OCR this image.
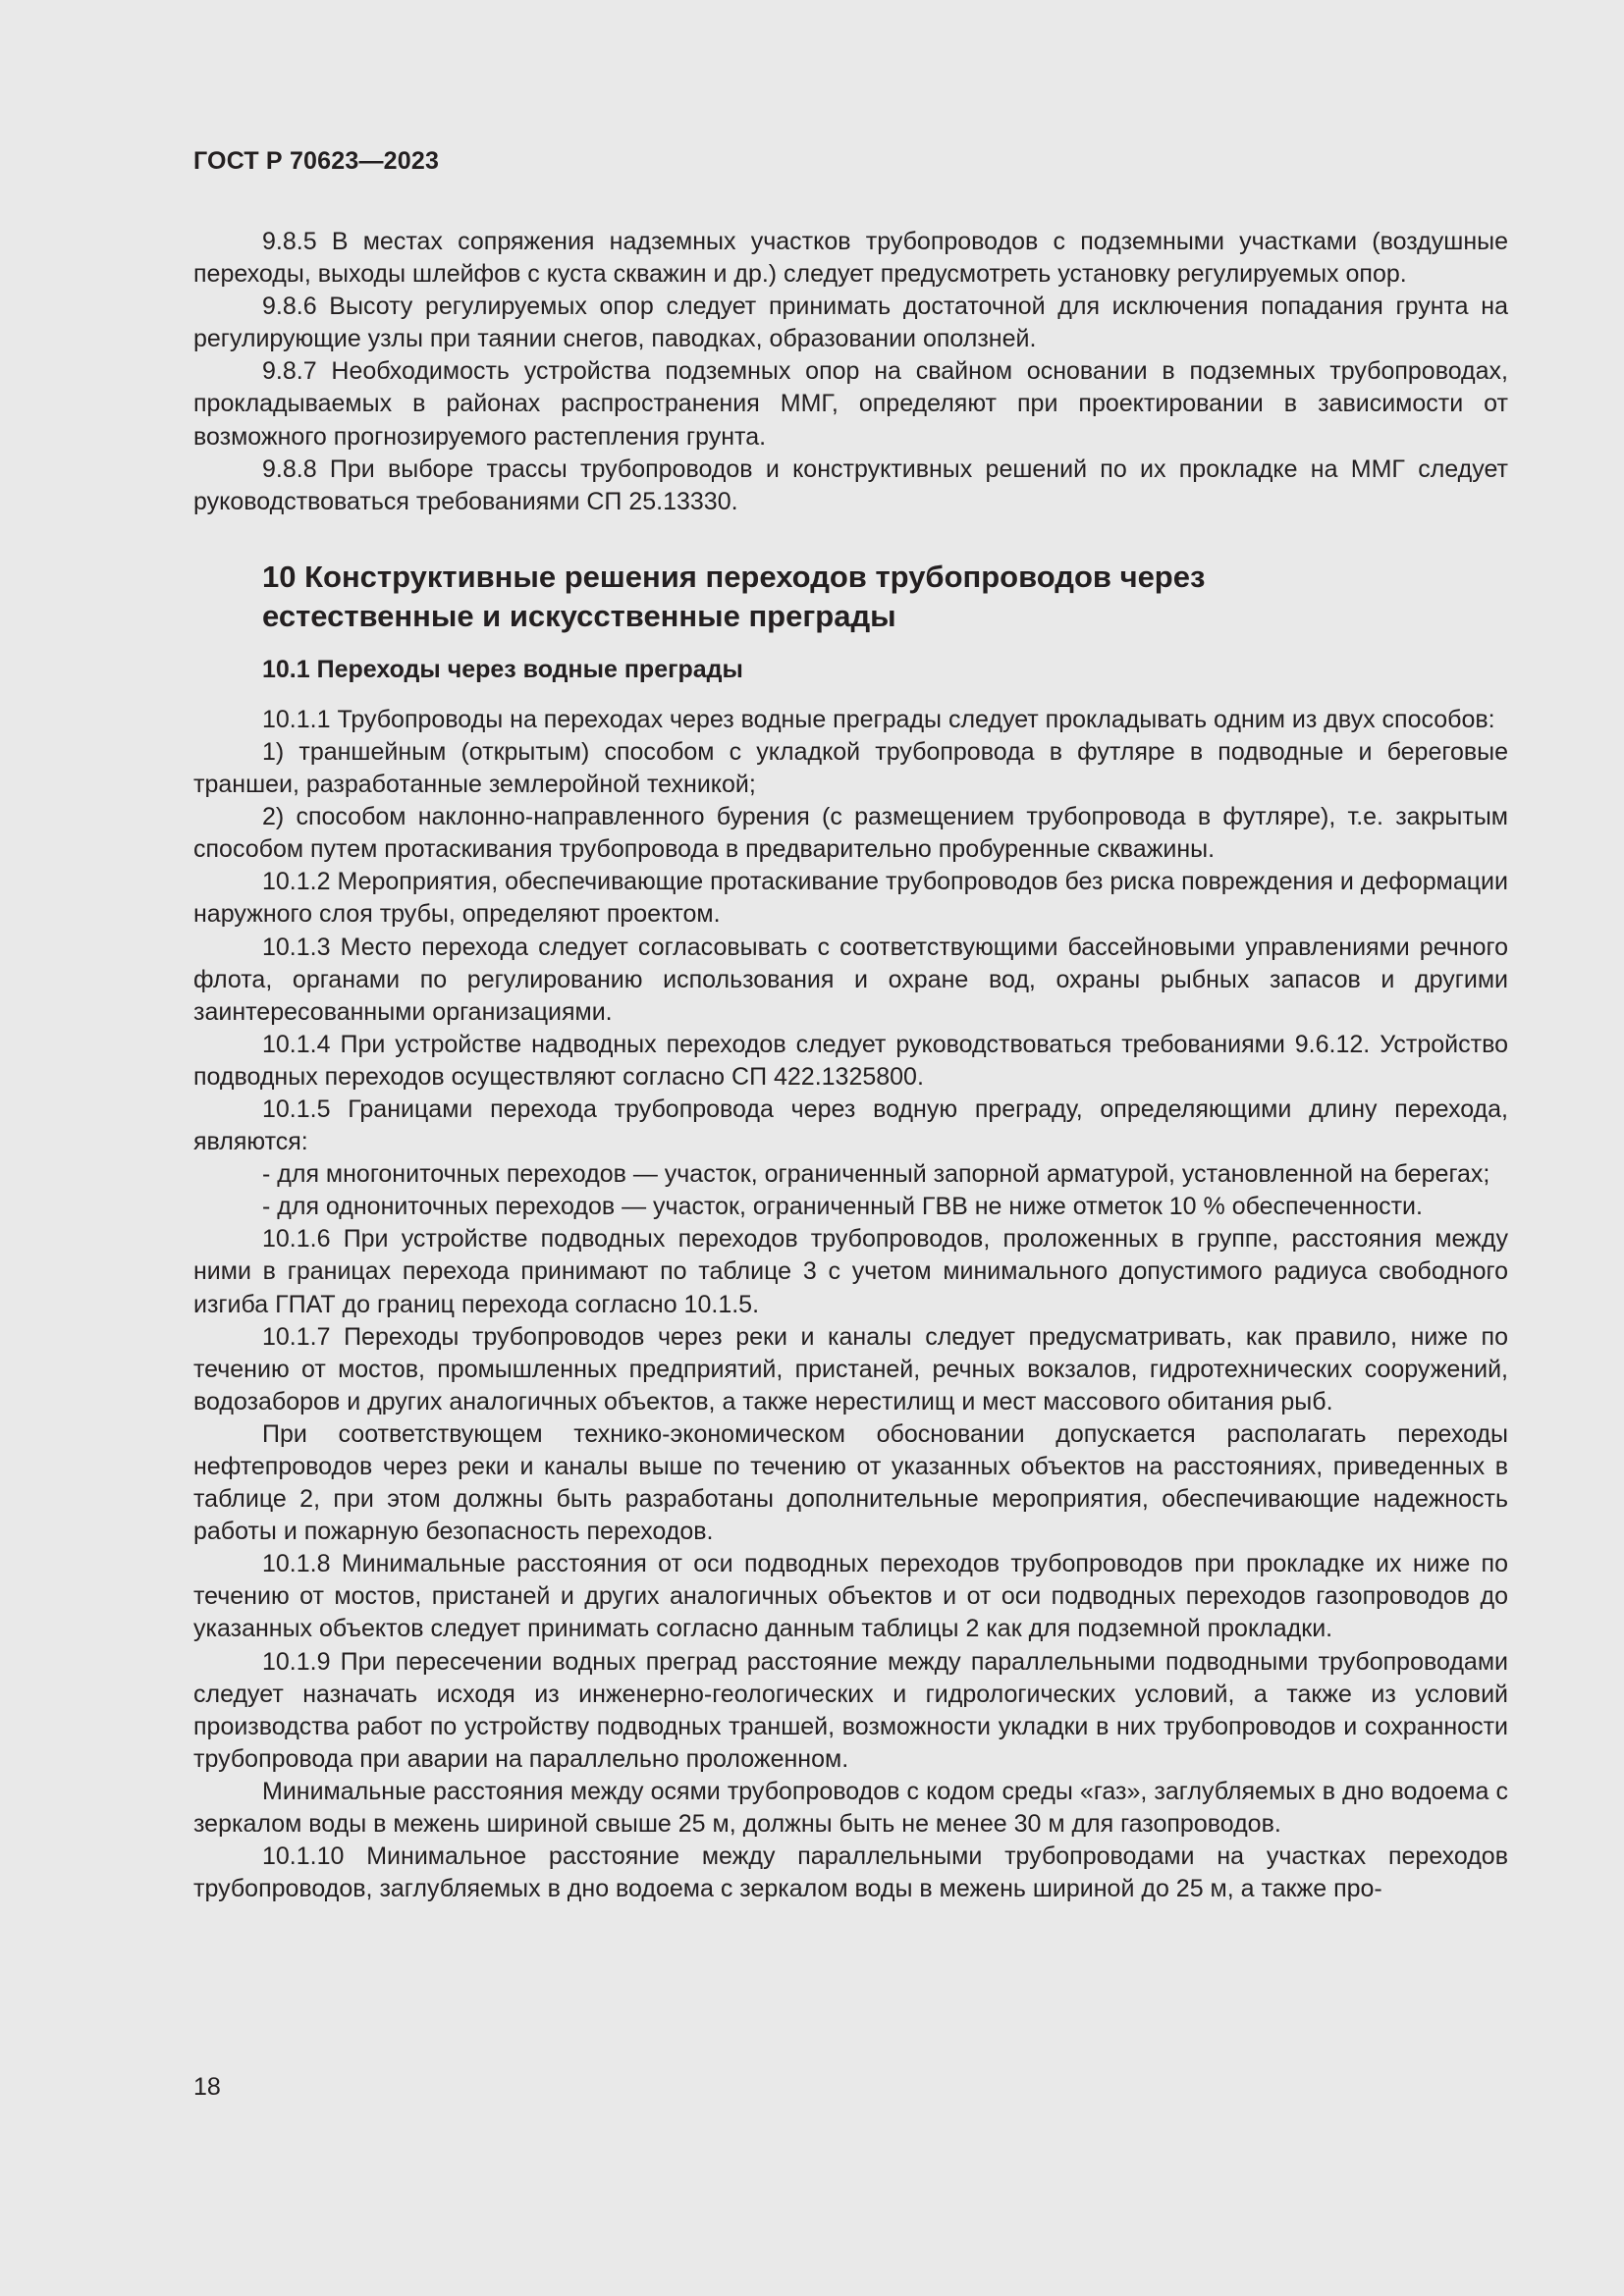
ГОСТ Р 70623—2023

9.8.5 В местах сопряжения надземных участков трубопроводов с подземными участками (воздушные переходы, выходы шлейфов с куста скважин и др.) следует предусмотреть установку регулируемых опор.

9.8.6 Высоту регулируемых опор следует принимать достаточной для исключения попадания грунта на регулирующие узлы при таянии снегов, паводках, образовании оползней.

9.8.7 Необходимость устройства подземных опор на свайном основании в подземных трубопроводах, прокладываемых в районах распространения ММГ, определяют при проектировании в зависимости от возможного прогнозируемого растепления грунта.

9.8.8 При выборе трассы трубопроводов и конструктивных решений по их прокладке на ММГ следует руководствоваться требованиями СП 25.13330.

10 Конструктивные решения переходов трубопроводов через
естественные и искусственные преграды
10.1 Переходы через водные преграды

10.1.1 Трубопроводы на переходах через водные преграды следует прокладывать одним из двух способов:

1) траншейным (открытым) способом с укладкой трубопровода в футляре в подводные и береговые траншеи, разработанные землеройной техникой;

2) способом наклонно-направленного бурения (с размещением трубопровода в футляре), т.е. закрытым способом путем протаскивания трубопровода в предварительно пробуренные скважины.

10.1.2 Мероприятия, обеспечивающие протаскивание трубопроводов без риска повреждения и деформации наружного слоя трубы, определяют проектом.

10.1.3 Место перехода следует согласовывать с соответствующими бассейновыми управлениями речного флота, органами по регулированию использования и охране вод, охраны рыбных запасов и другими заинтересованными организациями.

10.1.4 При устройстве надводных переходов следует руководствоваться требованиями 9.6.12. Устройство подводных переходов осуществляют согласно СП 422.1325800.

10.1.5 Границами перехода трубопровода через водную преграду, определяющими длину перехода, являются:

- для многониточных переходов — участок, ограниченный запорной арматурой, установленной на берегах;

- для однониточных переходов — участок, ограниченный ГВВ не ниже отметок 10 % обеспеченности.

10.1.6 При устройстве подводных переходов трубопроводов, проложенных в группе, расстояния между ними в границах перехода принимают по таблице 3 с учетом минимального допустимого радиуса свободного изгиба ГПАТ до границ перехода согласно 10.1.5.

10.1.7 Переходы трубопроводов через реки и каналы следует предусматривать, как правило, ниже по течению от мостов, промышленных предприятий, пристаней, речных вокзалов, гидротехнических сооружений, водозаборов и других аналогичных объектов, а также нерестилищ и мест массового обитания рыб.

При соответствующем технико-экономическом обосновании допускается располагать переходы нефтепроводов через реки и каналы выше по течению от указанных объектов на расстояниях, приведенных в таблице 2, при этом должны быть разработаны дополнительные мероприятия, обеспечивающие надежность работы и пожарную безопасность переходов.

10.1.8 Минимальные расстояния от оси подводных переходов трубопроводов при прокладке их ниже по течению от мостов, пристаней и других аналогичных объектов и от оси подводных переходов газопроводов до указанных объектов следует принимать согласно данным таблицы 2 как для подземной прокладки.

10.1.9 При пересечении водных преград расстояние между параллельными подводными трубопроводами следует назначать исходя из инженерно-геологических и гидрологических условий, а также из условий производства работ по устройству подводных траншей, возможности укладки в них трубопроводов и сохранности трубопровода при аварии на параллельно проложенном.

Минимальные расстояния между осями трубопроводов с кодом среды «газ», заглубляемых в дно водоема с зеркалом воды в межень шириной свыше 25 м, должны быть не менее 30 м для газопроводов.

10.1.10 Минимальное расстояние между параллельными трубопроводами на участках переходов трубопроводов, заглубляемых в дно водоема с зеркалом воды в межень шириной до 25 м, а также про-

18
